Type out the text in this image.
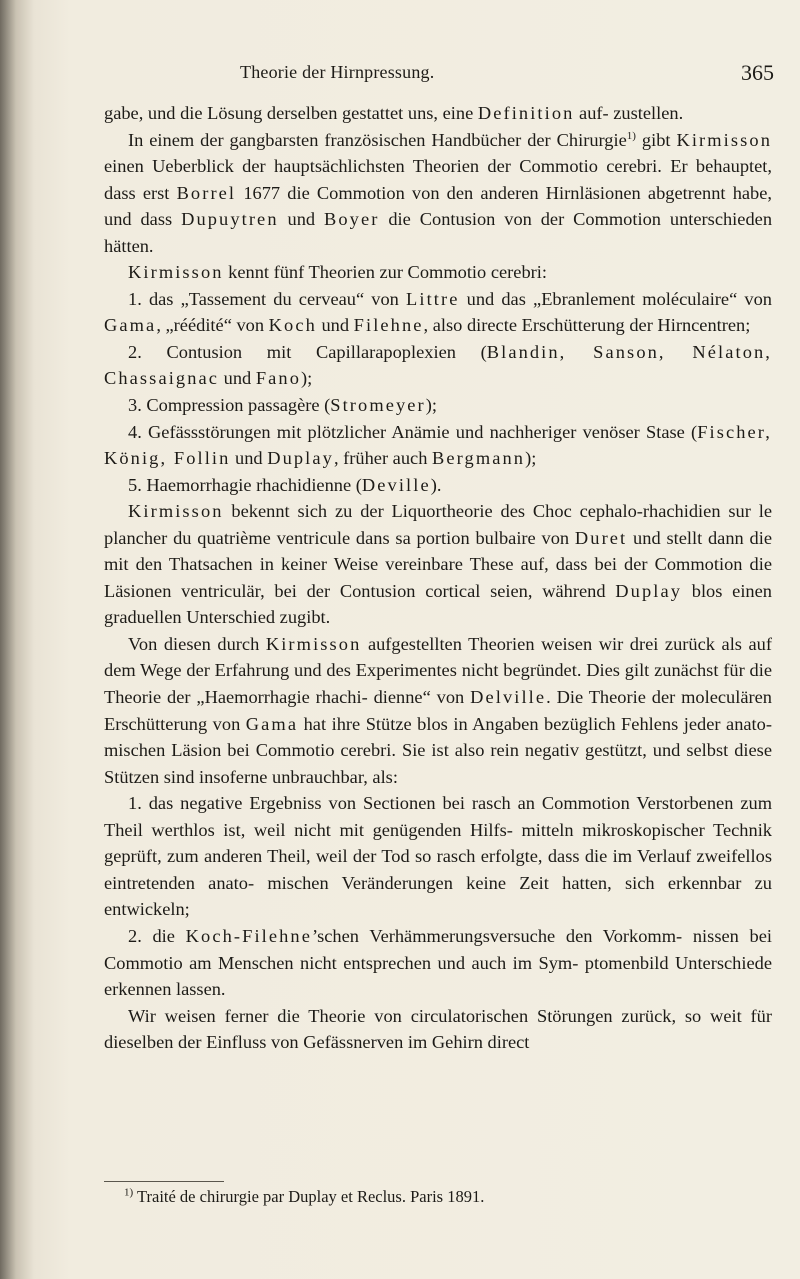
Theorie der Hirnpressung.	365

gabe, und die Lösung derselben gestattet uns, eine Definition auf- zustellen.

In einem der gangbarsten französischen Handbücher der Chirurgie$^{1)}$ gibt Kirmisson einen Ueberblick der hauptsächlichsten Theorien der Commotio cerebri. Er behauptet, dass erst Borrel 1677 die Commotion von den anderen Hirnläsionen abgetrennt habe, und dass Dupuytren und Boyer die Contusion von der Commotion unterschieden hätten.

Kirmisson kennt fünf Theorien zur Commotio cerebri:

1. das „Tassement du cerveau“ von Littre und das „Ebranlement moléculaire“ von Gama, „réédité“ von Koch und Filehne, also directe Erschütterung der Hirncentren;

2. Contusion mit Capillarapoplexien (Blandin, Sanson, Nélaton, Chassaignac und Fano);

3. Compression passagère (Stromeyer);

4. Gefässstörungen mit plötzlicher Anämie und nachheriger venöser Stase (Fischer, König, Follin und Duplay, früher auch Bergmann);

5. Haemorrhagie rhachidienne (Deville).

Kirmisson bekennt sich zu der Liquortheorie des Choc cephalo-rhachidien sur le plancher du quatrième ventricule dans sa portion bulbaire von Duret und stellt dann die mit den Thatsachen in keiner Weise vereinbare These auf, dass bei der Commotion die Läsionen ventriculär, bei der Contusion cortical seien, während Duplay blos einen graduellen Unterschied zugibt.

Von diesen durch Kirmisson aufgestellten Theorien weisen wir drei zurück als auf dem Wege der Erfahrung und des Experimentes nicht begründet. Dies gilt zunächst für die Theorie der „Haemorrhagie rhachi- dienne“ von Delville. Die Theorie der moleculären Erschütterung von Gama hat ihre Stütze blos in Angaben bezüglich Fehlens jeder anato- mischen Läsion bei Commotio cerebri. Sie ist also rein negativ gestützt, und selbst diese Stützen sind insoferne unbrauchbar, als:

1. das negative Ergebniss von Sectionen bei rasch an Commotion Verstorbenen zum Theil werthlos ist, weil nicht mit genügenden Hilfs- mitteln mikroskopischer Technik geprüft, zum anderen Theil, weil der Tod so rasch erfolgte, dass die im Verlauf zweifellos eintretenden anato- mischen Veränderungen keine Zeit hatten, sich erkennbar zu entwickeln;

2. die Koch-Filehne’schen Verhämmerungsversuche den Vorkomm- nissen bei Commotio am Menschen nicht entsprechen und auch im Sym- ptomenbild Unterschiede erkennen lassen.

Wir weisen ferner die Theorie von circulatorischen Störungen zurück, so weit für dieselben der Einfluss von Gefässnerven im Gehirn direct

$^{1)}$ Traité de chirurgie par Duplay et Reclus. Paris 1891.
